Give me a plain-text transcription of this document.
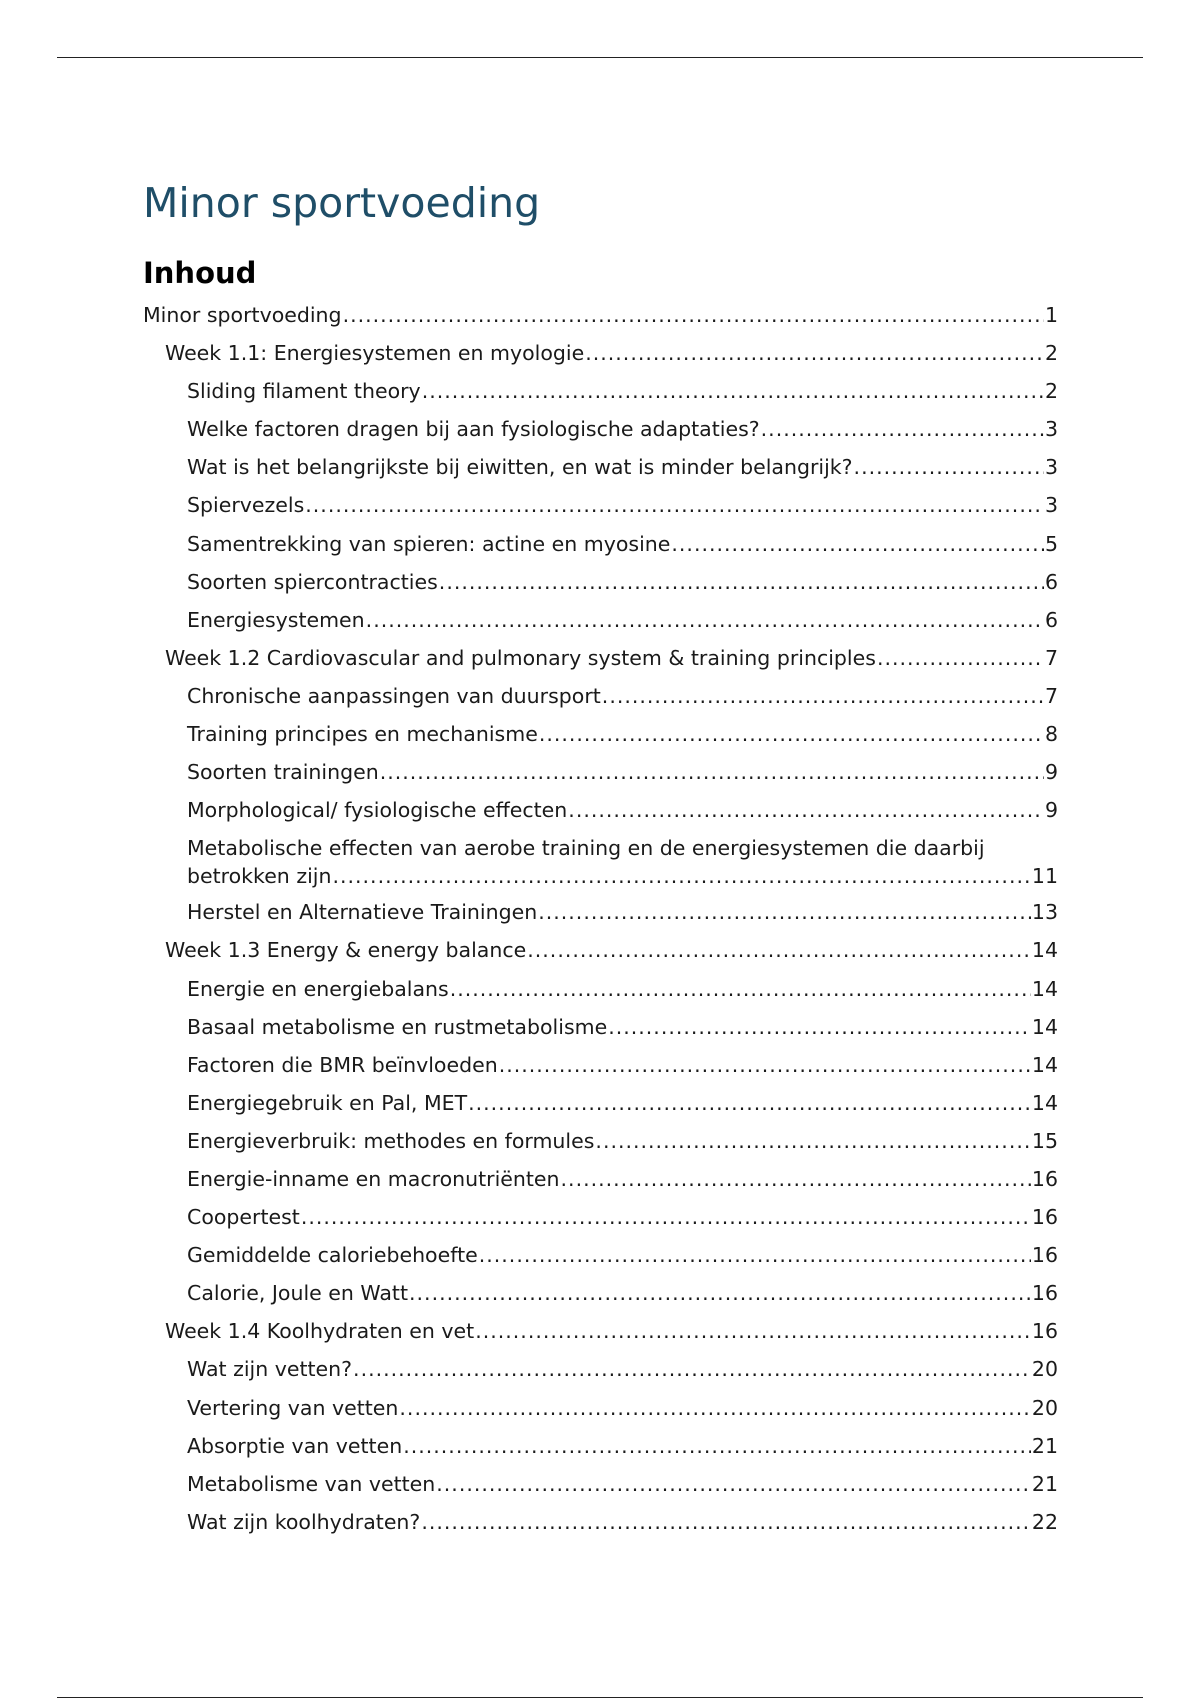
Minor sportvoeding
Inhoud
Minor sportvoeding .....	1
Week 1.1: Energiesystemen en myologie .....	2
Sliding filament theory .....	2
Welke factoren dragen bij aan fysiologische adaptaties? .....	3
Wat is het belangrijkste bij eiwitten, en wat is minder belangrijk? .....	3
Spiervezels .....	3
Samentrekking van spieren: actine en myosine .....	5
Soorten spiercontracties .....	6
Energiesystemen .....	6
Week 1.2 Cardiovascular and pulmonary system & training principles .....	7
Chronische aanpassingen van duursport .....	7
Training principes en mechanisme .....	8
Soorten trainingen .....	9
Morphological/ fysiologische effecten .....	9
Metabolische effecten van aerobe training en de energiesystemen die daarbij
betrokken zijn .....	11
Herstel en Alternatieve Trainingen .....	13
Week 1.3 Energy & energy balance .....	14
Energie en energiebalans .....	14
Basaal metabolisme en rustmetabolisme .....	14
Factoren die BMR beïnvloeden .....	14
Energiegebruik en Pal, MET .....	14
Energieverbruik: methodes en formules .....	15
Energie-inname en macronutriënten .....	16
Coopertest .....	16
Gemiddelde caloriebehoefte .....	16
Calorie, Joule en Watt .....	16
Week 1.4 Koolhydraten en vet .....	16
Wat zijn vetten? .....	20
Vertering van vetten .....	20
Absorptie van vetten .....	21
Metabolisme van vetten .....	21
Wat zijn koolhydraten? .....	22
